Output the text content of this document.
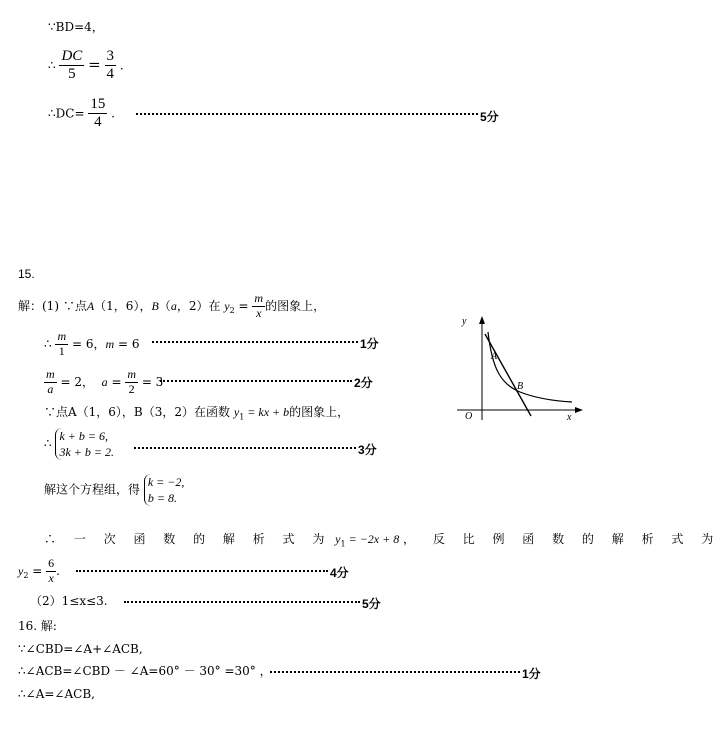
∵BD=4，
∴ $\frac{DC}{5} = \frac{3}{4}$ .
∴DC= $\frac{15}{4}$ .	5分
15.
解：(1) ∵点A（1，6），B（a，2）在 $y_2 = \frac{m}{x}$ 的图象上，
∴ $\frac{m}{1} = 6$，m = 6	1分
$\frac{m}{a} = 2$， $a = \frac{m}{2} = 3$	2分
∵点A（1，6），B（3，2）在函数 $y_1$ = kx + b的图象上，
∴
k + b = 6,
3k + b = 2.	3分
解这个方程组，得
k = −2,
b = 8.
∴ 一 次 函 数 的 解 析 式 为 $y_1 = -2x + 8$ ， 反 比 例 函 数 的 解 析 式 为
$y_2 = \frac{6}{x}$ .	4分
（2）1≤x≤3.	5分
y
x
O
A
B
16. 解:
∵∠CBD=∠A+∠ACB,
∴∠ACB=∠CBD － ∠A=60° － 30° =30° ，	1分
∴∠A=∠ACB,
